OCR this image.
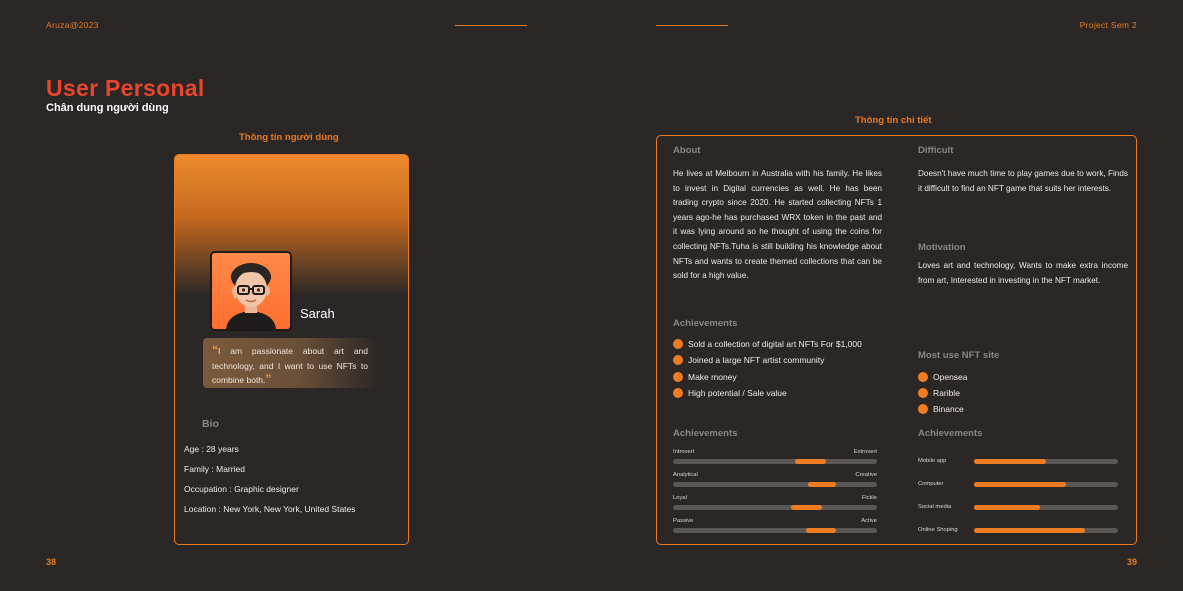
Aruza@2023	Project Sem 2
User Personal
Chân dung người dùng
Thông tin người dùng
Sarah
“I am passionate about art and technology, and I want to use NFTs to combine both.”
Bio
Age : 28 years
Family : Married
Occupation : Graphic designer
Location : New York, New York, United States
38
Thông tin chi tiết
About
He lives at Melbourn in Australia with his family. He likes to invest in Digital currencies as well. He has been trading crypto since 2020. He started collecting NFTs 1 years ago-he has purchased WRX token in the past and it was lying around so he thought of using the coins for collecting NFTs.Tuha is still building his knowledge about NFTs and wants to create themed collections that can be sold for a high value.
Difficult
Doesn't have much time to play games due to work, Finds it difficult to find an NFT game that suits her interests.
Motivation
Loves art and technology, Wants to make extra income from art, Interested in investing in the NFT market.
Achievements
Sold a collection of digital art NFTs For $1,000
Joined a large NFT artist community
Make money
High potential / Sale value
Most use NFT site
Opensea
Rarible
Binance
Achievements
Introvert	Extrovert
Analytical	Creative
Loyal	Fickle
Passive	Active
Achievements
Mobile app
Computer
Social media
Online Shoping
39
